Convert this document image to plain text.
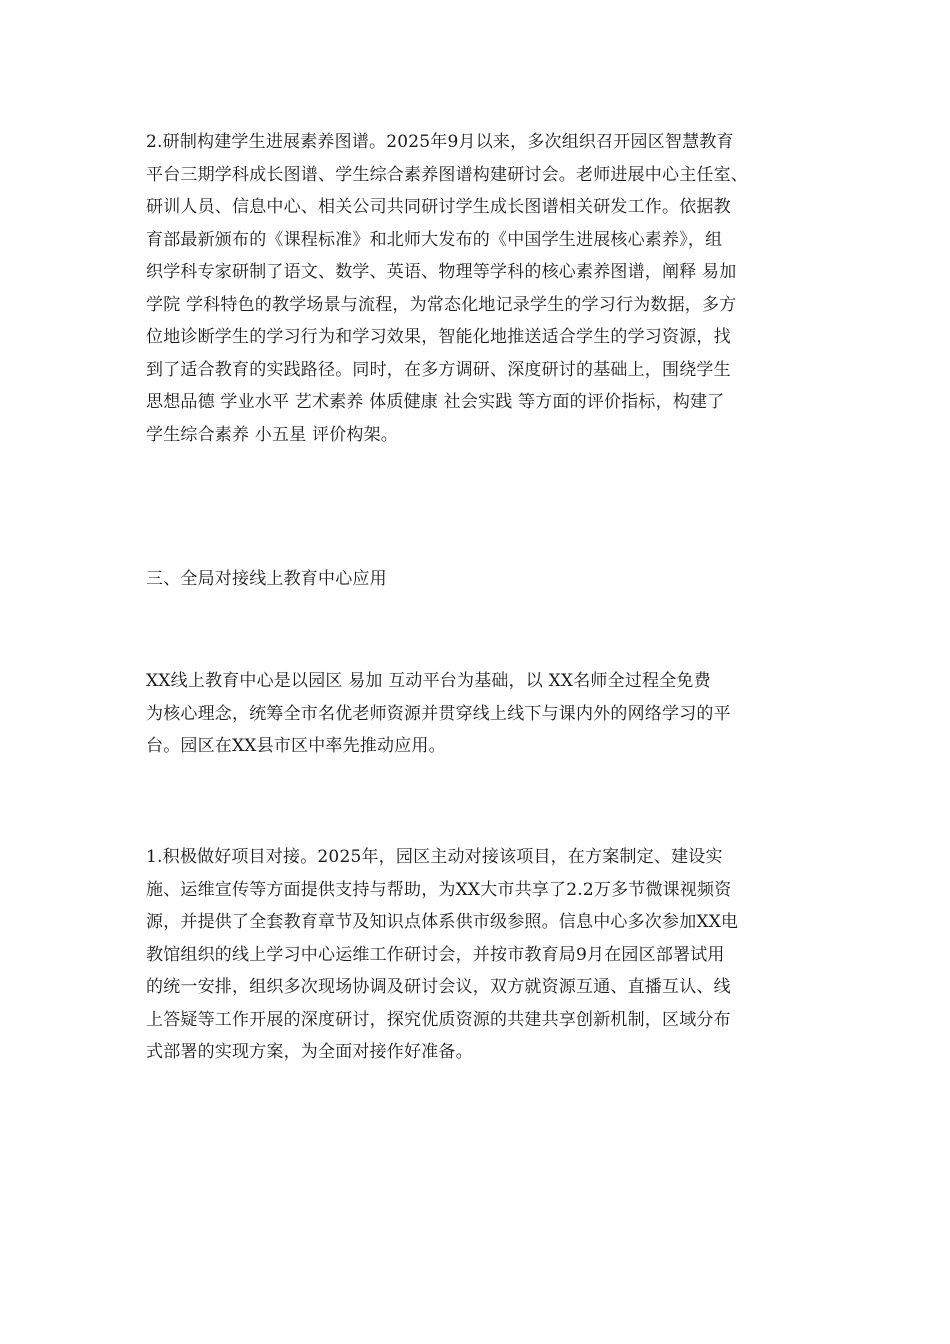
2.研制构建学生进展素养图谱。2025年9月以来，多次组织召开园区智慧教育
平台三期学科成长图谱、学生综合素养图谱构建研讨会。老师进展中心主任室、
研训人员、信息中心、相关公司共同研讨学生成长图谱相关研发工作。依据教
育部最新颁布的《课程标准》和北师大发布的《中国学生进展核心素养》，组
织学科专家研制了语文、数学、英语、物理等学科的核心素养图谱，阐释 易加
学院 学科特色的教学场景与流程，为常态化地记录学生的学习行为数据，多方
位地诊断学生的学习行为和学习效果，智能化地推送适合学生的学习资源，找
到了适合教育的实践路径。同时，在多方调研、深度研讨的基础上，围绕学生
思想品德 学业水平 艺术素养 体质健康 社会实践 等方面的评价指标，构建了
学生综合素养 小五星 评价构架。
三、全局对接线上教育中心应用
XX线上教育中心是以园区 易加 互动平台为基础，以 XX名师全过程全免费
为核心理念，统筹全市名优老师资源并贯穿线上线下与课内外的网络学习的平
台。园区在XX县市区中率先推动应用。
1.积极做好项目对接。2025年，园区主动对接该项目，在方案制定、建设实
施、运维宣传等方面提供支持与帮助，为XX大市共享了2.2万多节微课视频资
源，并提供了全套教育章节及知识点体系供市级参照。信息中心多次参加XX电
教馆组织的线上学习中心运维工作研讨会，并按市教育局9月在园区部署试用
的统一安排，组织多次现场协调及研讨会议，双方就资源互通、直播互认、线
上答疑等工作开展的深度研讨，探究优质资源的共建共享创新机制，区域分布
式部署的实现方案，为全面对接作好准备。
